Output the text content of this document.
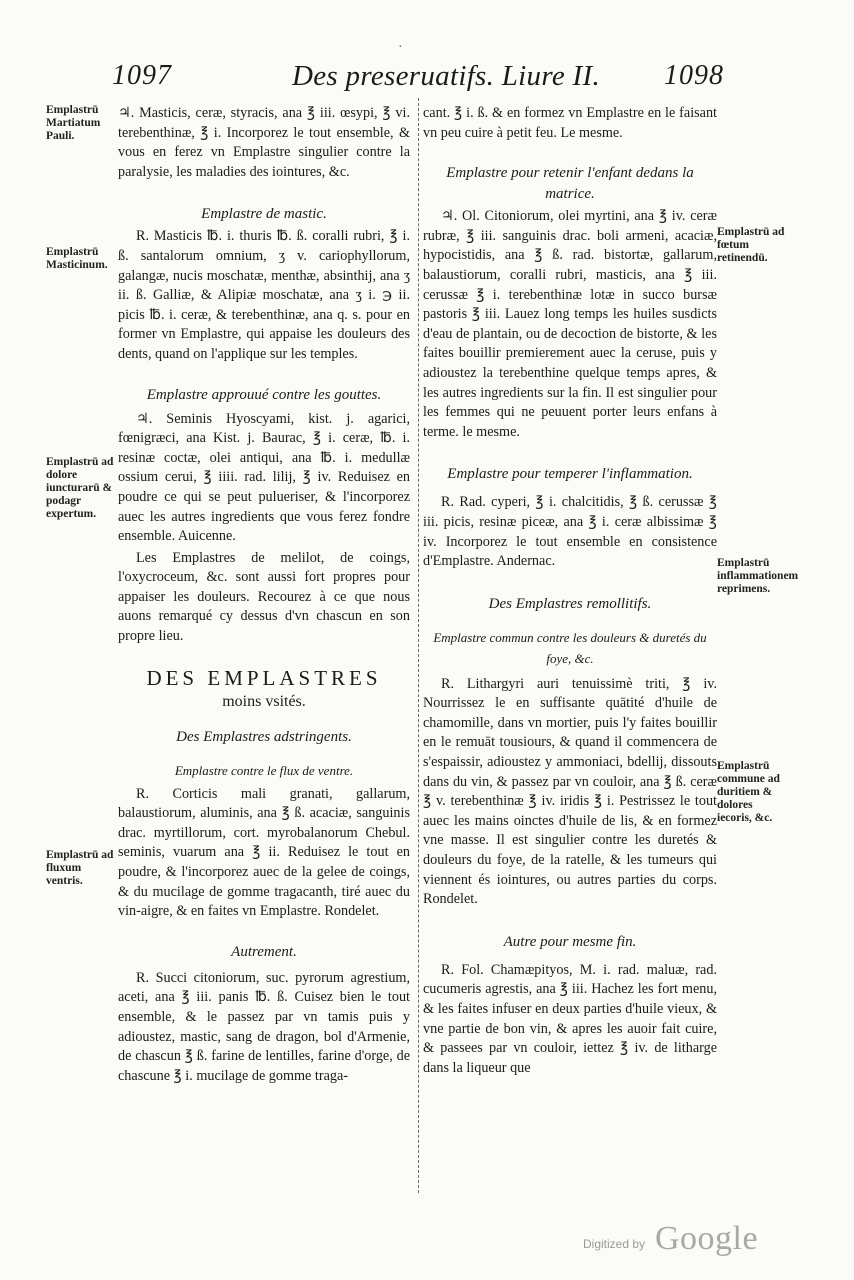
1097	Des preseruatifs. Liure II. 1098
·

♃. Masticis, ceræ, styracis, ana ℥ iii. œsypi, ℥ vi. terebenthinæ, ℥ i. Incorporez le tout ensemble, & vous en ferez vn Emplastre singulier contre la paralysie, les maladies des iointures, &c.

Emplastre de mastic.

R. Masticis ℔. i. thuris ℔. ß. coralli rubri, ℥ i. ß. santalorum omnium, ʒ v. cariophyllorum, galangæ, nucis moschatæ, menthæ, absinthij, ana ʒ ii. ß. Galliæ, & Alipiæ moschatæ, ana ʒ i. ℈ ii. picis ℔. i. ceræ, & terebenthinæ, ana q. s. pour en former vn Emplastre, qui appaise les douleurs des dents, quand on l'applique sur les temples.

Emplastre approuué contre les gouttes.

♃. Seminis Hyoscyami, kist. j. agarici, fœnigræci, ana Kist. j. Baurac, ℥ i. ceræ, ℔. i. resinæ coctæ, olei antiqui, ana ℔. i. medullæ ossium cerui, ℥ iiii. rad. lilij, ℥ iv. Reduisez en poudre ce qui se peut pulueriser, & l'incorporez auec les autres ingredients que vous ferez fondre ensemble. Auicenne.

Les Emplastres de melilot, de coings, l'oxycroceum, &c. sont aussi fort propres pour appaiser les douleurs. Recourez à ce que nous auons remarqué cy dessus d'vn chascun en son propre lieu.

DES EMPLASTRES

moins vsités.

Des Emplastres adstringents.

Emplastre contre le flux de ventre.

R. Corticis mali granati, gallarum, balaustiorum, aluminis, ana ℥ ß. acaciæ, sanguinis drac. myrtillorum, cort. myrobalanorum Chebul. seminis, vuarum ana ℥ ii. Reduisez le tout en poudre, & l'incorporez auec de la gelee de coings, & du mucilage de gomme tragacanth, tiré auec du vin-aigre, & en faites vn Emplastre. Rondelet.

Autrement.

R. Succi citoniorum, suc. pyrorum agrestium, aceti, ana ℥ iii. panis ℔. ß. Cuisez bien le tout ensemble, & le passez par vn tamis puis y adioustez, mastic, sang de dragon, bol d'Armenie, de chascun ℥ ß. farine de lentilles, farine d'orge, de chascune ℥ i. mucilage de gomme traga-

cant. ℥ i. ß. & en formez vn Emplastre en le faisant vn peu cuire à petit feu. Le mesme.

Emplastre pour retenir l'enfant dedans la matrice.

♃. Ol. Citoniorum, olei myrtini, ana ℥ iv. ceræ rubræ, ℥ iii. sanguinis drac. boli armeni, acaciæ, hypocistidis, ana ℥ ß. rad. bistortæ, gallarum, balaustiorum, coralli rubri, masticis, ana ℥ iii. cerussæ ℥ i. terebenthinæ lotæ in succo bursæ pastoris ℥ iii. Lauez long temps les huiles susdicts d'eau de plantain, ou de decoction de bistorte, & les faites bouillir premierement auec la ceruse, puis y adioustez la terebenthine quelque temps apres, & les autres ingredients sur la fin. Il est singulier pour les femmes qui ne peuuent porter leurs enfans à terme. le mesme.

Emplastre pour temperer l'inflammation.

R. Rad. cyperi, ℥ i. chalcitidis, ℥ ß. cerussæ ℥ iii. picis, resinæ piceæ, ana ℥ i. ceræ albissimæ ℥ iv. Incorporez le tout ensemble en consistence d'Emplastre. Andernac.

Des Emplastres remollitifs.

Emplastre commun contre les douleurs & duretés du foye, &c.

R. Lithargyri auri tenuissimè triti, ℥ iv. Nourrissez le en suffisante quātité d'huile de chamomille, dans vn mortier, puis l'y faites bouillir en le remuāt tousiours, & quand il commencera de s'espaissir, adioustez y ammoniaci, bdellij, dissouts dans du vin, & passez par vn couloir, ana ℥ ß. ceræ ℥ v. terebenthinæ ℥ iv. iridis ℥ i. Pestrissez le tout auec les mains oinctes d'huile de lis, & en formez vne masse. Il est singulier contre les duretés & douleurs du foye, de la ratelle, & les tumeurs qui viennent és iointures, ou autres parties du corps. Rondelet.

Autre pour mesme fin.

R. Fol. Chamæpityos, M. i. rad. maluæ, rad. cucumeris agrestis, ana ℥ iii. Hachez les fort menu, & les faites infuser en deux parties d'huile vieux, & vne partie de bon vin, & apres les auoir fait cuire, & passees par vn couloir, iettez ℥ iv. de litharge dans la liqueur que

Emplastrū Martiatum Pauli.
Emplastrū Masticinum.
Emplastrū ad dolore iuncturarū & podagr expertum.
Emplastrū ad fluxum ventris.
Emplastrū ad fœtum retinendū.
Emplastrū inflammationem reprimens.
Emplastrū commune ad duritiem & dolores iecoris, &c.
Digitized by Google
